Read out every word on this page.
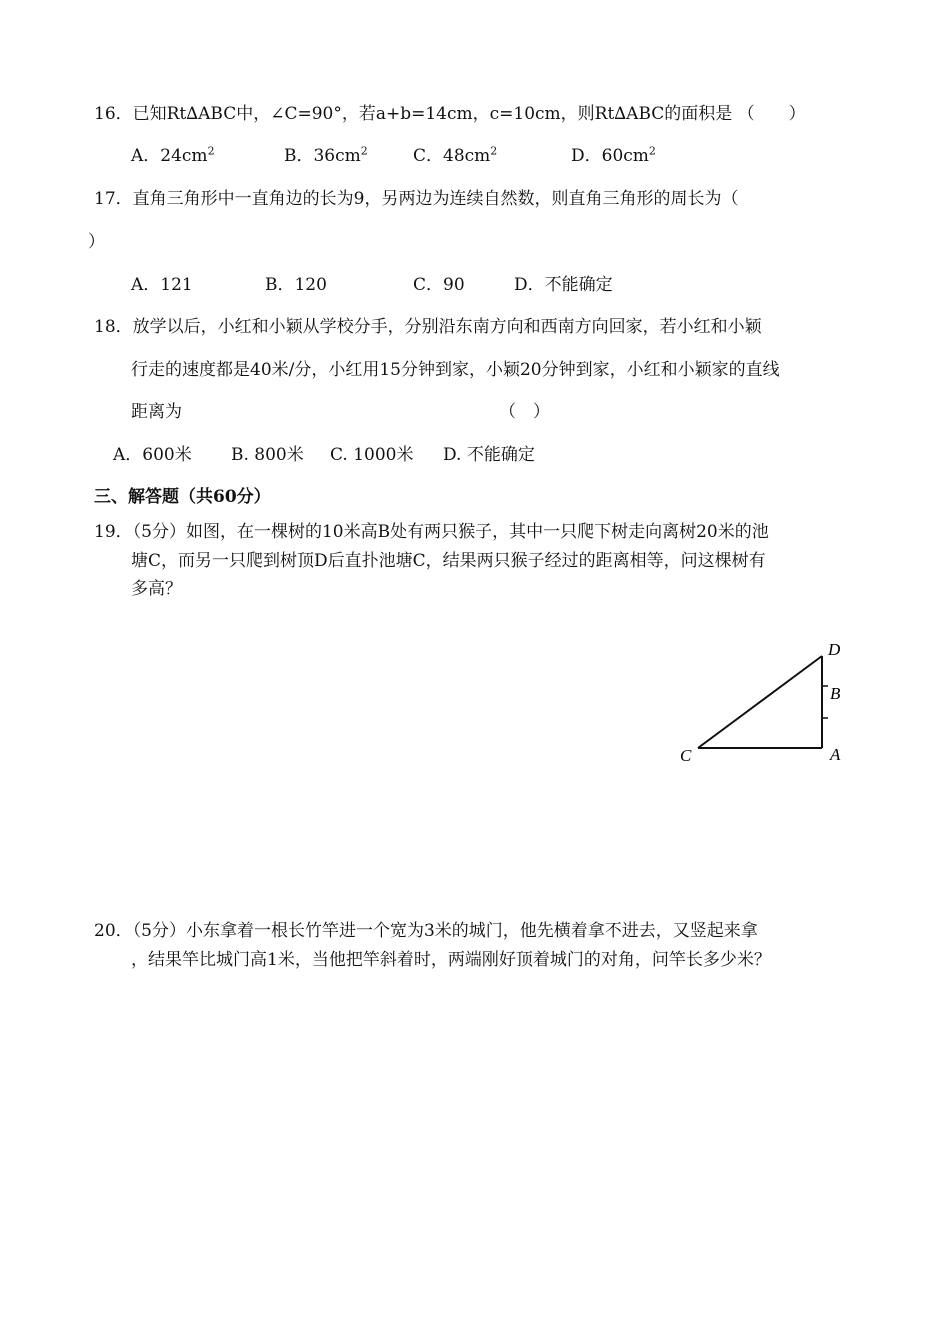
16．已知Rt∆ABC中，∠C=90°，若a+b=14cm，c=10cm，则Rt∆ABC的面积是 （　　）
A．$24cm^2$	B．$36cm^2$	C．$48cm^2$	D．$60cm^2$
17．直角三角形中一直角边的长为9，另两边为连续自然数，则直角三角形的周长为（
）
A．121	B．120	C．90	D．不能确定
18．放学以后，小红和小颖从学校分手，分别沿东南方向和西南方向回家，若小红和小颖
行走的速度都是40米/分，小红用15分钟到家，小颖20分钟到家，小红和小颖家的直线
距离为	（　）
A．600米 B. 800米 C. 1000米 D. 不能确定
三、解答题（共60分）
19．（5分）如图，在一棵树的10米高B处有两只猴子，其中一只爬下树走向离树20米的池
塘C，而另一只爬到树顶D后直扑池塘C，结果两只猴子经过的距离相等，问这棵树有
多高？
D
B
C	A
20．（5分）小东拿着一根长竹竿进一个宽为3米的城门，他先横着拿不进去，又竖起来拿
，结果竿比城门高1米，当他把竿斜着时，两端刚好顶着城门的对角，问竿长多少米？
